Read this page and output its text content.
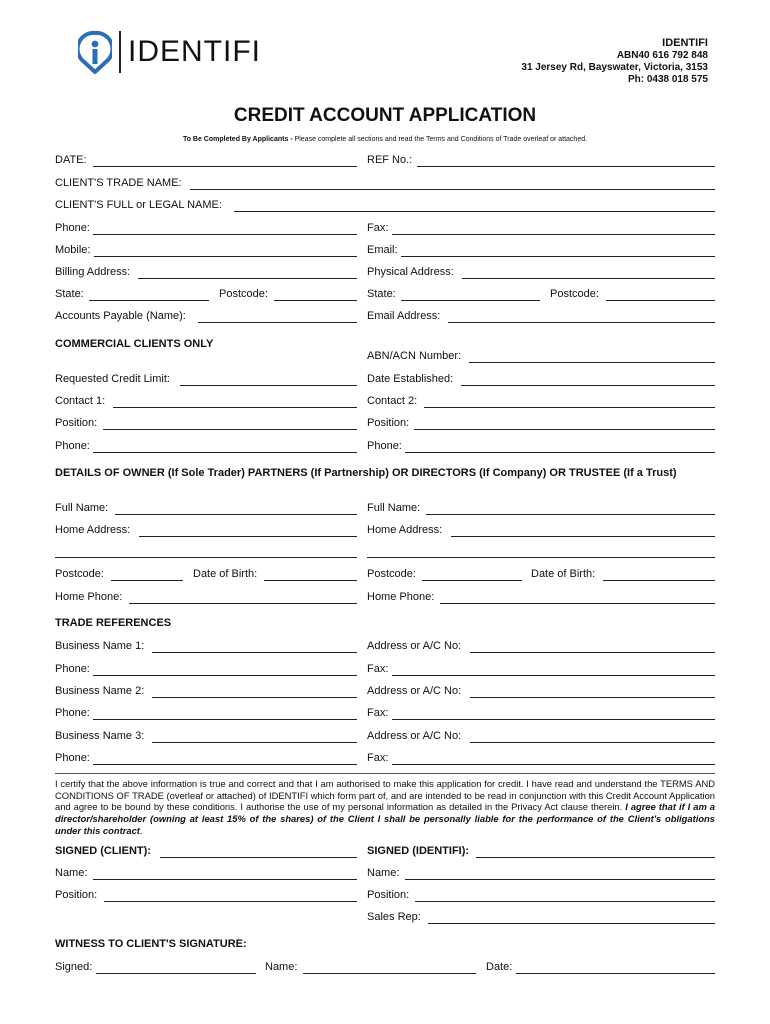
IDENTIFI	IDENTIFI
ABN40 616 792 848
31 Jersey Rd, Bayswater, Victoria, 3153
Ph: 0438 018 575
CREDIT ACCOUNT APPLICATION
To Be Completed By Applicants - Please complete all sections and read the Terms and Conditions of Trade overleaf or attached.
DATE:	REF No.:
CLIENT'S TRADE NAME:
CLIENT'S FULL or LEGAL NAME:
Phone:	Fax:
Mobile:	Email:
Billing Address:	Physical Address:
State:	Postcode:	State:	Postcode:
Accounts Payable (Name):	Email Address:
COMMERCIAL CLIENTS ONLY
ABN/ACN Number:
Requested Credit Limit:	Date Established:
Contact 1:	Contact 2:
Position:	Position:
Phone:	Phone:
DETAILS OF OWNER (If Sole Trader) PARTNERS (If Partnership) OR DIRECTORS (If Company) OR TRUSTEE (If a Trust)
Full Name:	Full Name:
Home Address:	Home Address:
Postcode:	Date of Birth:	Postcode:	Date of Birth:
Home Phone:	Home Phone:
TRADE REFERENCES
Business Name 1:	Address or A/C No:
Phone:	Fax:
Business Name 2:	Address or A/C No:
Phone:	Fax:
Business Name 3:	Address or A/C No:
Phone:	Fax:
I certify that the above information is true and correct and that I am authorised to make this application for credit. I have read and understand the TERMS AND CONDITIONS OF TRADE (overleaf or attached) of IDENTIFI which form part of, and are intended to be read in conjunction with this Credit Account Application and agree to be bound by these conditions. I authorise the use of my personal information as detailed in the Privacy Act clause therein. I agree that if I am a director/shareholder (owning at least 15% of the shares) of the Client I shall be personally liable for the performance of the Client's obligations under this contract.
SIGNED (CLIENT):	SIGNED (IDENTIFI):
Name:	Name:
Position:	Position:
Sales Rep:
WITNESS TO CLIENT'S SIGNATURE:
Signed:	Name:	Date:
